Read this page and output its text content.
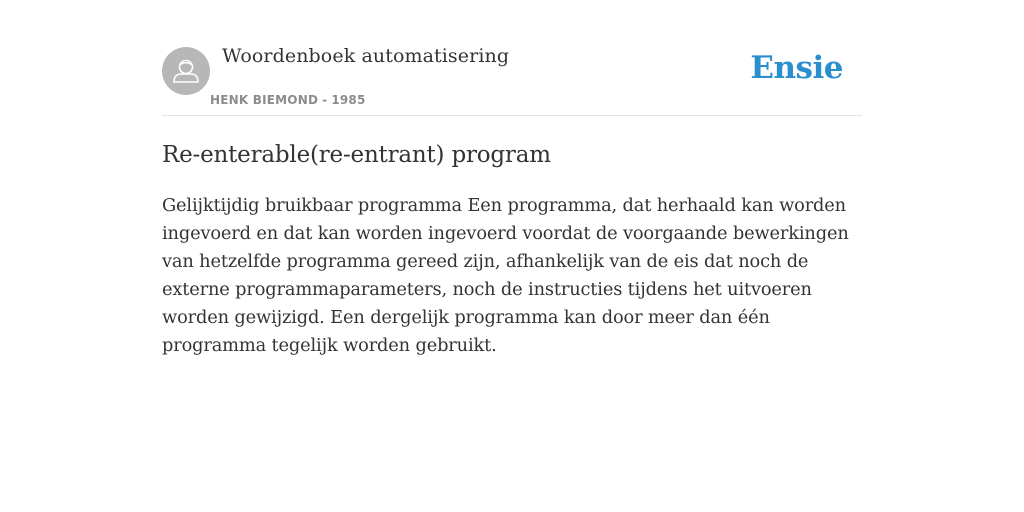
Woordenboek automatisering
HENK BIEMOND - 1985
Ensie
Re-enterable(re-entrant) program

Gelijktijdig bruikbaar programma Een programma, dat herhaald kan worden ingevoerd en dat kan worden ingevoerd voordat de voorgaande bewerkingen van hetzelfde programma gereed zijn, afhankelijk van de eis dat noch de externe programmaparameters, noch de instructies tijdens het uitvoeren worden gewijzigd. Een dergelijk programma kan door meer dan één programma tegelijk worden gebruikt.
